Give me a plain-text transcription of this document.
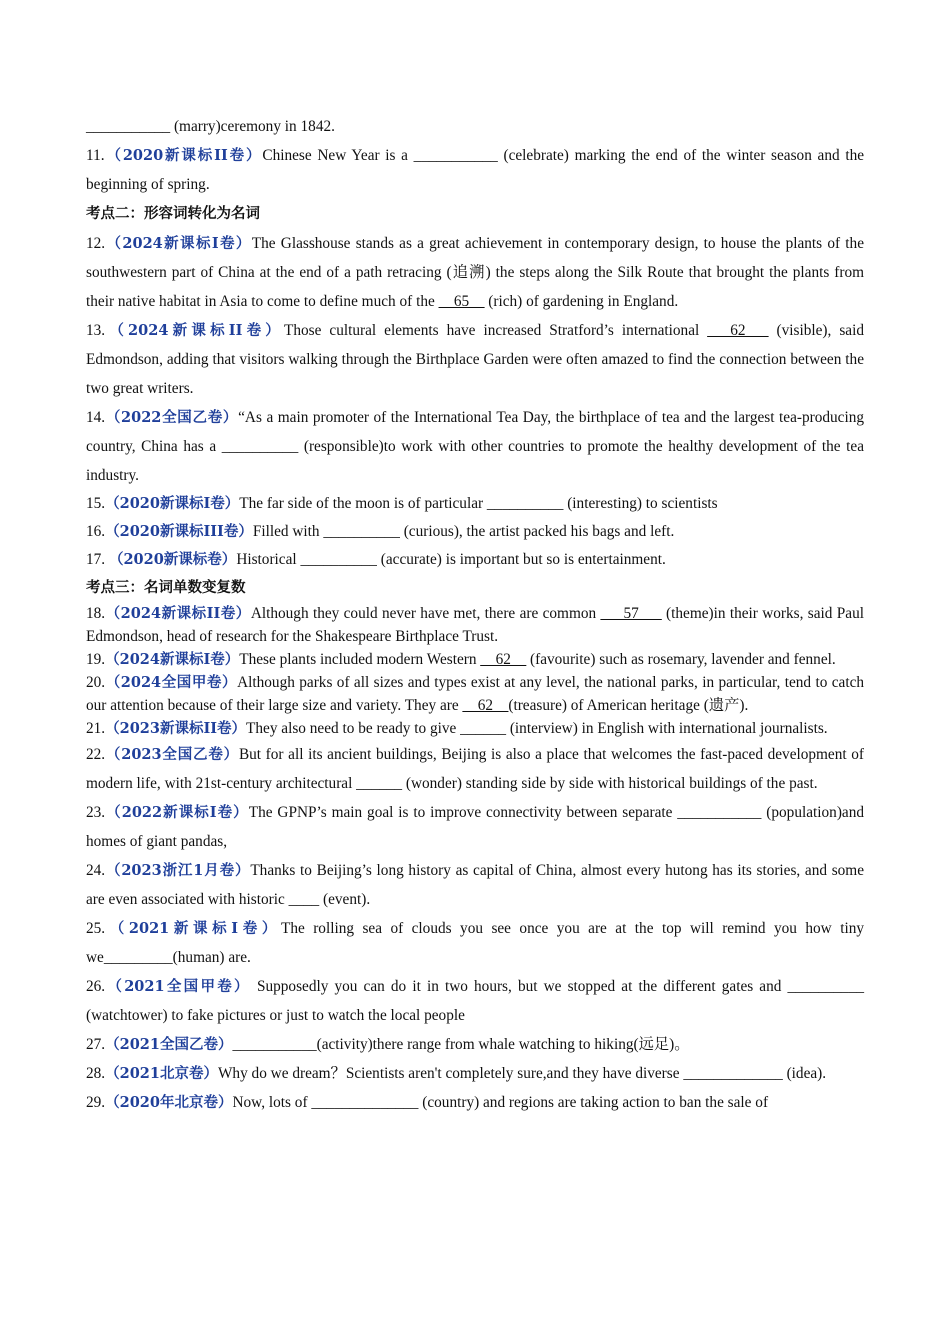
___________ (marry)ceremony in 1842.

11.（2020新课标II卷）Chinese New Year is a ___________ (celebrate) marking the end of the winter season and the beginning of spring.

考点二：形容词转化为名词

12.（2024新课标I卷）The Glasshouse stands as a great achievement in contemporary design, to house the plants of the southwestern part of China at the end of a path retracing (追溯) the steps along the Silk Route that brought the plants from their native habitat in Asia to come to define much of the __65__ (rich) of gardening in England.

13.（2024新课标II卷）Those cultural elements have increased Stratford’s international ___62___ (visible), said Edmondson, adding that visitors walking through the Birthplace Garden were often amazed to find the connection between the two great writers.

14.（2022全国乙卷）“As a main promoter of the International Tea Day, the birthplace of tea and the largest tea-producing country, China has a __________ (responsible)to work with other countries to promote the healthy development of the tea industry.

15.（2020新课标I卷）The far side of the moon is of particular __________ (interesting) to scientists

16.（2020新课标III卷）Filled with __________ (curious), the artist packed his bags and left.

17. （2020新课标卷）Historical __________ (accurate) is important but so is entertainment.

考点三：名词单数变复数

18.（2024新课标II卷）Although they could never have met, there are common ___57___ (theme)in their works, said Paul Edmondson, head of research for the Shakespeare Birthplace Trust.

19.（2024新课标I卷）These plants included modern Western __62__ (favourite) such as rosemary, lavender and fennel.

20.（2024全国甲卷）Although parks of all sizes and types exist at any level, the national parks, in particular, tend to catch our attention because of their large size and variety. They are __62__(treasure) of American heritage (遗产).

21.（2023新课标II卷）They also need to be ready to give ______ (interview) in English with international journalists.

22.（2023全国乙卷）But for all its ancient buildings, Beijing is also a place that welcomes the fast-paced development of modern life, with 21st-century architectural ______ (wonder) standing side by side with historical buildings of the past.

23.（2022新课标I卷）The GPNP’s main goal is to improve connectivity between separate ___________ (population)and homes of giant pandas,

24.（2023浙江1月卷）Thanks to Beijing’s long history as capital of China, almost every hutong has its stories, and some are even associated with historic ____ (event).

25.（2021新课标I卷）The rolling sea of clouds you see once you are at the top will remind you how tiny we_________(human) are.

26.（2021全国甲卷） Supposedly you can do it in two hours, but we stopped at the different gates and __________ (watchtower) to fake pictures or just to watch the local people

27.（2021全国乙卷）___________(activity)there range from whale watching to hiking(远足)。

28.（2021北京卷）Why do we dream？Scientists aren't completely sure,and they have diverse _____________ (idea).

29.（2020年北京卷）Now, lots of ______________ (country) and regions are taking action to ban the sale of
